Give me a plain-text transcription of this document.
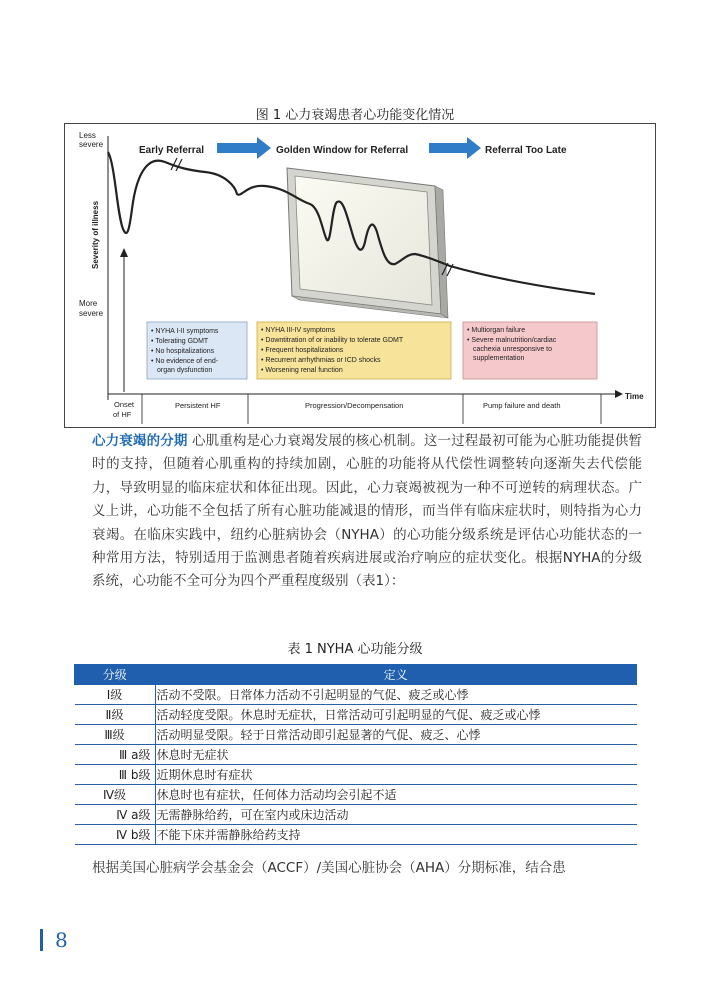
图 1 心力衰竭患者心功能变化情况
Less
severe
More
severe
Severity of illness
Time
Early Referral	Golden Window for Referral	Referral Too Late
• NYHA I-II symptoms
• Tolerating GDMT
• No hospitalizations
• No evidence of end-
organ dysfunction
• NYHA III-IV symptoms
• Downtitration of or inability to tolerate GDMT
• Frequent hospitalizations
• Recurrent arrhythmias or ICD shocks
• Worsening renal function
• Multiorgan failure
• Severe malnutrition/cardiac
cachexia unresponsive to
supplementation
Onset
of HF
Persistent HF	Progression/Decompensation	Pump failure and death
心力衰竭的分期 心肌重构是心力衰竭发展的核心机制。这一过程最初可能为心脏功能提供暂时的支持，但随着心肌重构的持续加剧，心脏的功能将从代偿性调整转向逐渐失去代偿能力，导致明显的临床症状和体征出现。因此，心力衰竭被视为一种不可逆转的病理状态。广义上讲，心功能不全包括了所有心脏功能减退的情形，而当伴有临床症状时，则特指为心力衰竭。在临床实践中，纽约心脏病协会（NYHA）的心功能分级系统是评估心功能状态的一种常用方法，特别适用于监测患者随着疾病进展或治疗响应的症状变化。根据NYHA的分级系统，心功能不全可分为四个严重程度级别（表1）：
表 1 NYHA 心功能分级
分级	定义
Ⅰ级	活动不受限。日常体力活动不引起明显的气促、疲乏或心悸
Ⅱ级	活动轻度受限。休息时无症状，日常活动可引起明显的气促、疲乏或心悸
Ⅲ级	活动明显受限。轻于日常活动即引起显著的气促、疲乏、心悸
Ⅲ a级	休息时无症状
Ⅲ b级	近期休息时有症状
Ⅳ级	休息时也有症状，任何体力活动均会引起不适
Ⅳ a级	无需静脉给药，可在室内或床边活动
Ⅳ b级	不能下床并需静脉给药支持
根据美国心脏病学会基金会（ACCF）/美国心脏协会（AHA）分期标准，结合患
8
